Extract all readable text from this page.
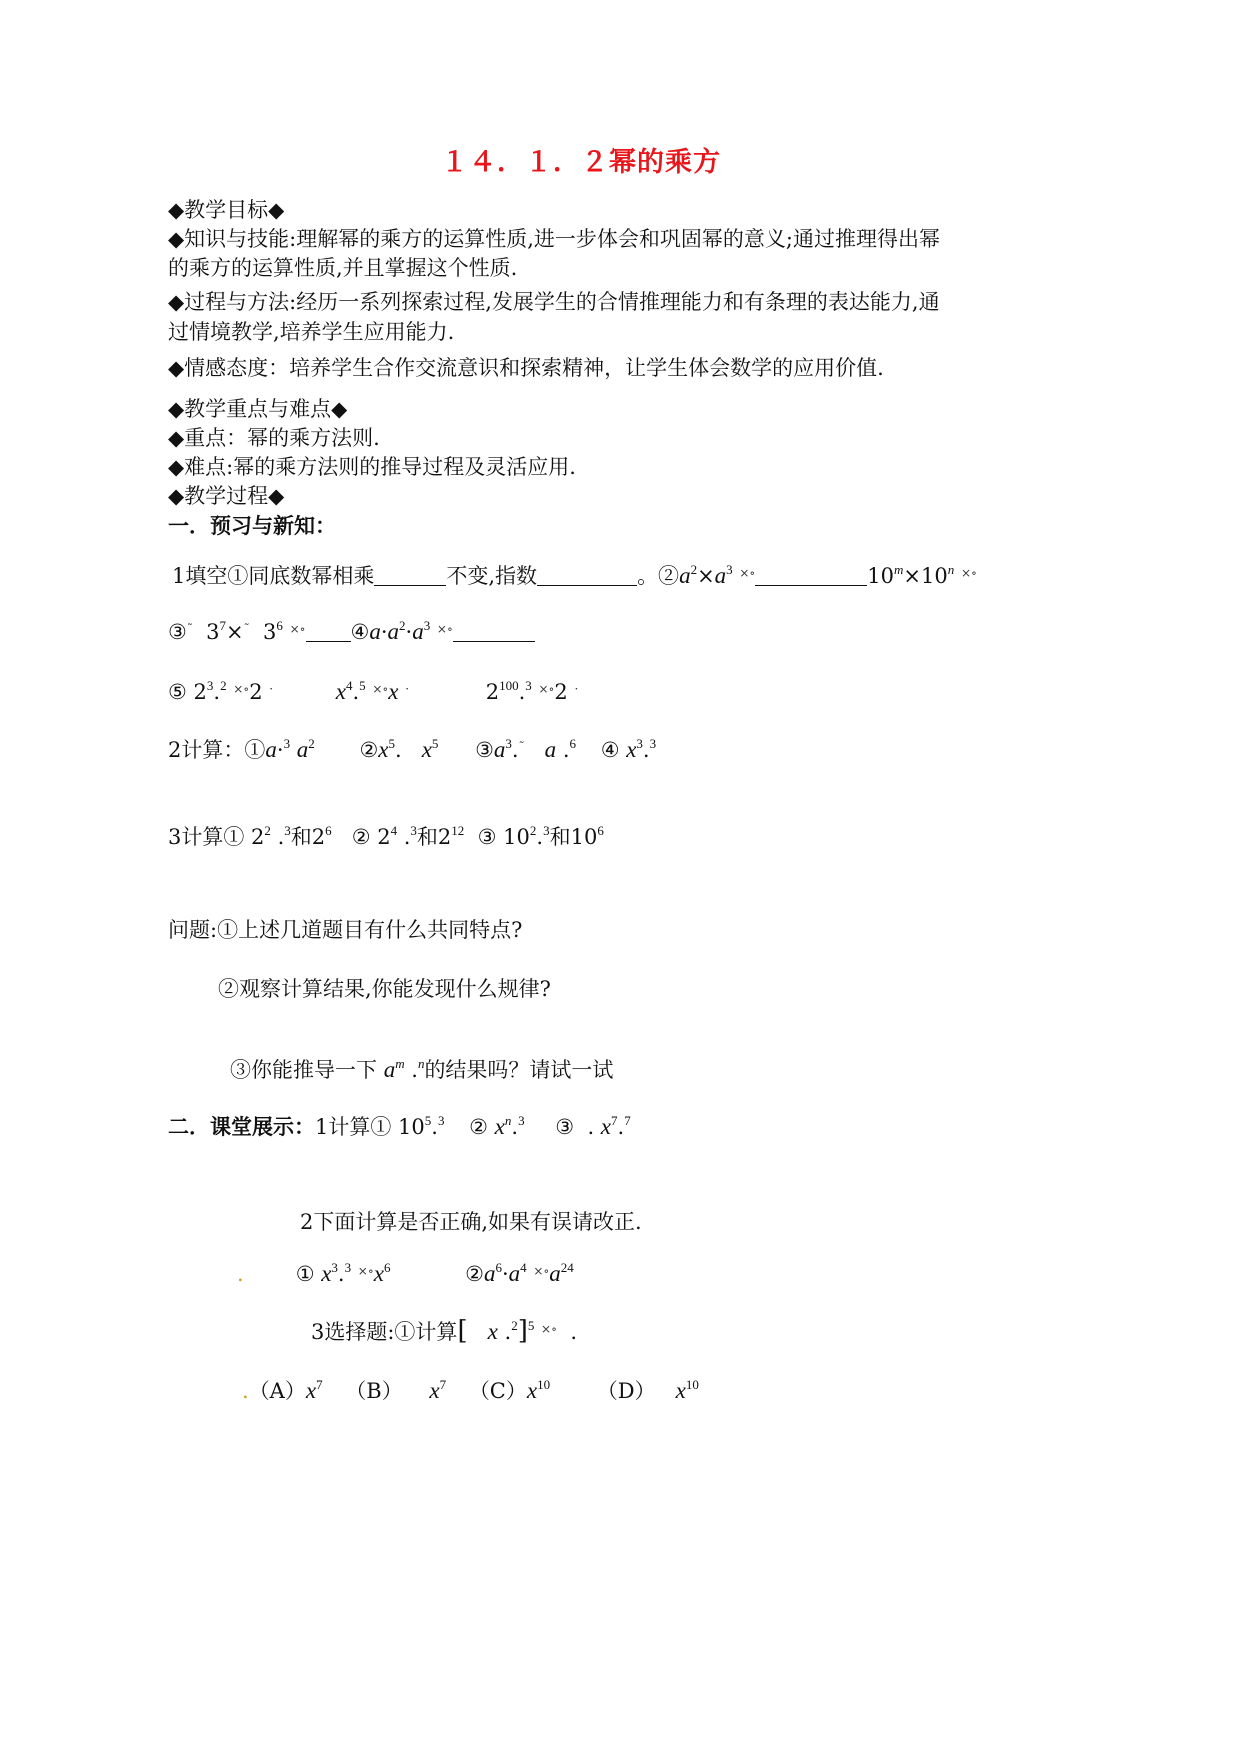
１４．１．２幂的乘方
◆教学目标◆
◆知识与技能:理解幂的乘方的运算性质,进一步体会和巩固幂的意义;通过推理得出幂
的乘方的运算性质,并且掌握这个性质.
◆过程与方法:经历一系列探索过程,发展学生的合情推理能力和有条理的表达能力,通
过情境教学,培养学生应用能力.
◆情感态度：培养学生合作交流意识和探索精神，让学生体会数学的应用价值.
◆教学重点与难点◆
◆重点：幂的乘方法则.
◆难点:幂的乘方法则的推导过程及灵活应用.
◆教学过程◆
一．预习与新知：
1填空①同底数幂相乘	不变,指数	。$②a^2\times a^3$ ×∘	$10^m\times 10^n$ ×∘
③˜  $3^7\times^˜$  $3^6$ ×∘ $④a\cdot a^2\cdot a^3$ ×∘
⑤ $2^3.^2$ ×∘2 ·	$x^4.^5$ ×∘x ·	$2^{100}.^3$ ×∘2 ·
2计算：①a·$^3$ $a^2$ $②x^5$.   $x^5$ $③a^3.^˜$ a .$^6$ ④ $x^3.^3$
3计算① $2^2$ .$^3$和$2^6$ ② $2^4$ .$^3$和$2^{12}$ ③ $10^2.^3$和$10^6$
问题:①上述几道题目有什么共同特点?
②观察计算结果,你能发现什么规律?
③你能推导一下 $a^m$ .$^n$的结果吗？请试一试
二．课堂展示：1计算① $10^5.^3$ ② $x^n.^3$ ③  . $x^7.^7$
2下面计算是否正确,如果有误请改正.
. ① $x^3.^3$ $^{\times\circ}x^6$	$②a^6\cdot a^4$ $^{\times\circ}a^{24}$
3选择题:①计算[ x .$^2$]$^5$ ×∘  .
$.(A)x^7$ （B） $x^7$ $(C)x^{10}$ （D） $x^{10}$
